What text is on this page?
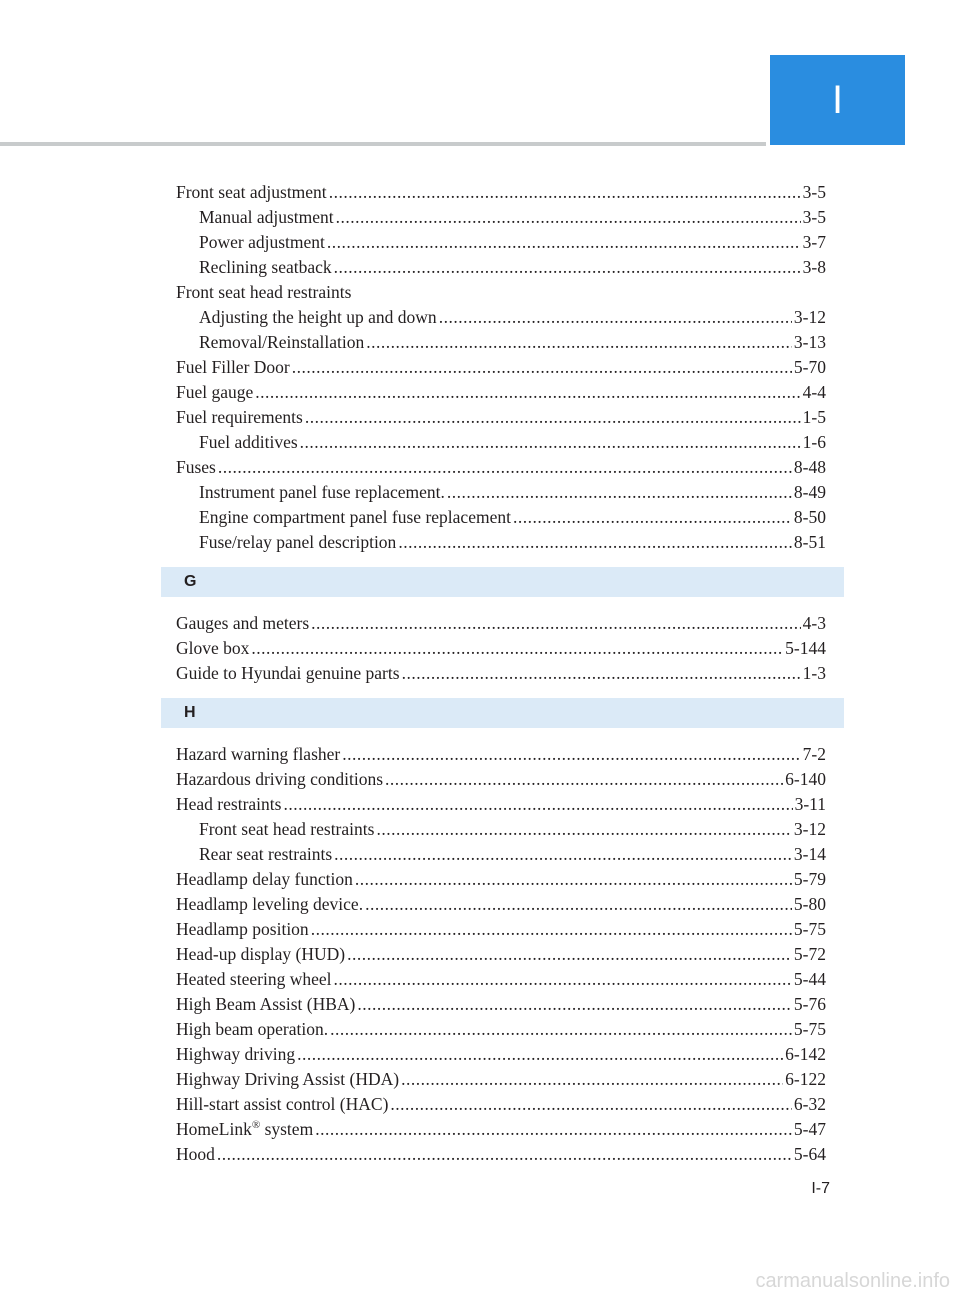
I
Front seat adjustment .....	3-5
Manual adjustment .....	3-5
Power adjustment .....	3-7
Reclining seatback .....	3-8
Front seat head restraints
Adjusting the height up and down .....	3-12
Removal/Reinstallation .....	3-13
Fuel Filler Door .....	5-70
Fuel gauge .....	4-4
Fuel requirements .....	1-5
Fuel additives .....	1-6
Fuses .....	8-48
Instrument panel fuse replacement. .....	8-49
Engine compartment panel fuse replacement .....	8-50
Fuse/relay panel description .....	8-51
G
Gauges and meters .....	4-3
Glove box .....	5-144
Guide to Hyundai genuine parts .....	1-3
H
Hazard warning flasher .....	7-2
Hazardous driving conditions .....	6-140
Head restraints .....	3-11
Front seat head restraints .....	3-12
Rear seat restraints .....	3-14
Headlamp delay function .....	5-79
Headlamp leveling device. .....	5-80
Headlamp position .....	5-75
Head-up display (HUD) .....	5-72
Heated steering wheel .....	5-44
High Beam Assist (HBA) .....	5-76
High beam operation. .....	5-75
Highway driving .....	6-142
Highway Driving Assist (HDA) .....	6-122
Hill-start assist control (HAC) .....	6-32
HomeLink® system .....	5-47
Hood .....	5-64
I-7
carmanualsonline.info
